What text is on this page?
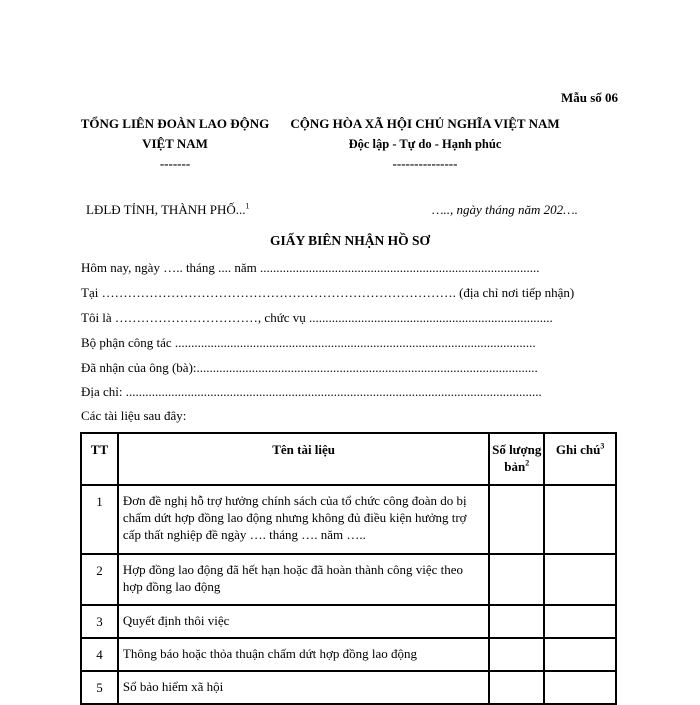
Mẫu số 06
TỔNG LIÊN ĐOÀN LAO ĐỘNG VIỆT NAM
-------
CỘNG HÒA XÃ HỘI CHỦ NGHĨA VIỆT NAM
Độc lập - Tự do - Hạnh phúc
---------------
LĐLĐ TỈNH, THÀNH PHỐ...$^1$	….., ngày tháng năm 202….
GIẤY BIÊN NHẬN HỒ SƠ
Hôm nay, ngày ….. tháng .... năm ......................................................................................
Tại ………………………………………………………………………. (địa chỉ nơi tiếp nhận)
Tôi là ……………………………, chức vụ ...........................................................................
Bộ phận công tác ...............................................................................................................
Đã nhận của ông (bà):.........................................................................................................
Địa chỉ: ................................................................................................................................
Các tài liệu sau đây:
TT	Tên tài liệu	Số lượng bản$^2$	Ghi chú$^3$
1	Đơn đề nghị hỗ trợ hưởng chính sách của tổ chức công đoàn do bị chấm dứt hợp đồng lao động nhưng không đủ điều kiện hưởng trợ cấp thất nghiệp đề ngày …. tháng …. năm …..		
2	Hợp đồng lao động đã hết hạn hoặc đã hoàn thành công việc theo hợp đồng lao động		
3	Quyết định thôi việc		
4	Thông báo hoặc thỏa thuận chấm dứt hợp đồng lao động		
5	Sổ bảo hiểm xã hội		
